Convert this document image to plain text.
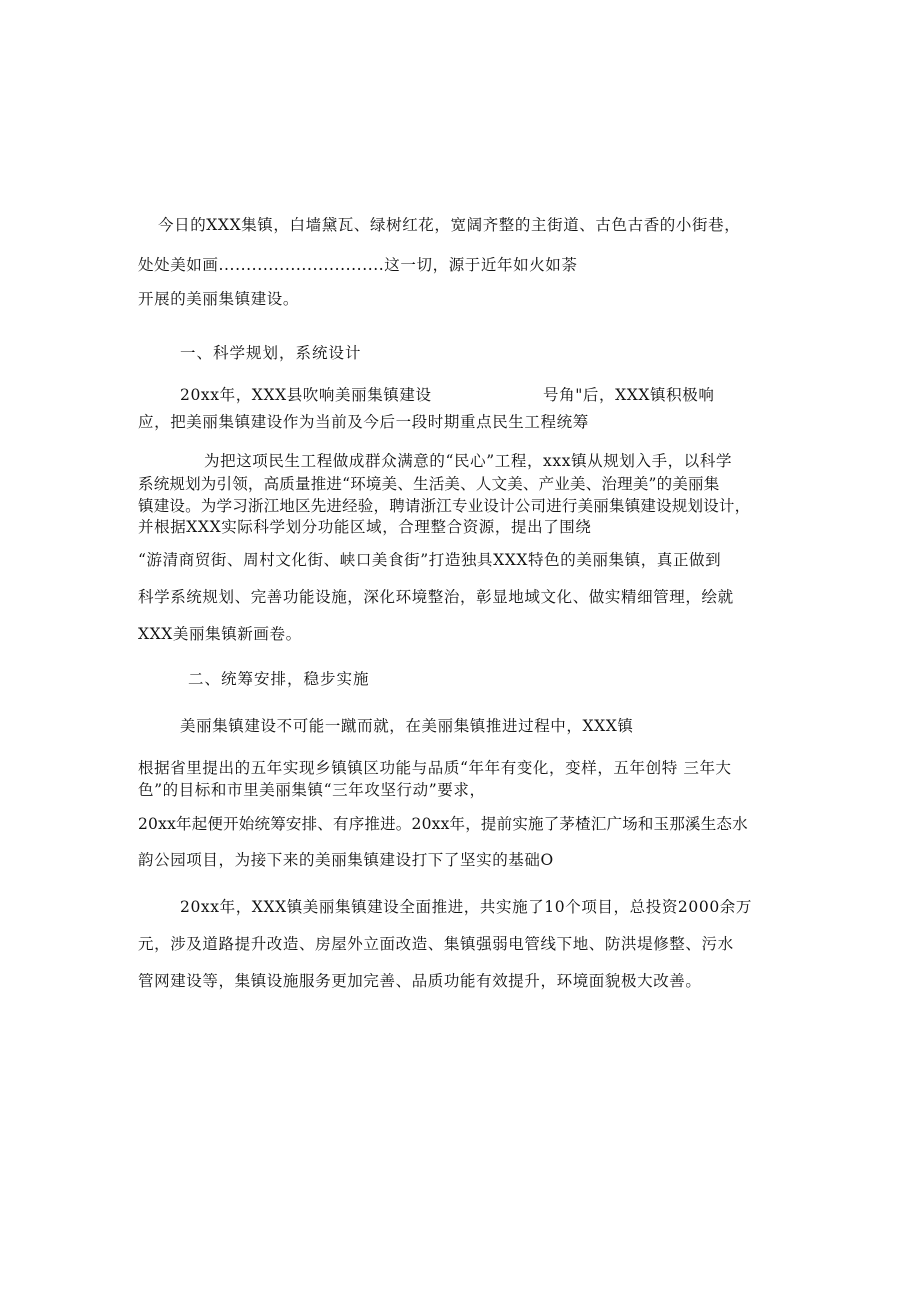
今日的XXX集镇，白墙黛瓦、绿树红花，宽阔齐整的主街道、古色古香的小街巷，
处处美如画..............................这一切，源于近年如火如荼
开展的美丽集镇建设。
一、科学规划，系统设计
20xx年，XXX县吹响美丽集镇建设	号角"后，XXX镇积极响
应，把美丽集镇建设作为当前及今后一段时期重点民生工程统筹
为把这项民生工程做成群众满意的“民心”工程，xxx镇从规划入手，以科学
系统规划为引领，高质量推进“环境美、生活美、人文美、产业美、治理美”的美丽集
镇建设。为学习浙江地区先进经验，聘请浙江专业设计公司进行美丽集镇建设规划设计，
并根据XXX实际科学划分功能区域，合理整合资源，提出了围绕
“游清商贸街、周村文化街、峡口美食街”打造独具XXX特色的美丽集镇，真正做到
科学系统规划、完善功能设施，深化环境整治，彰显地域文化、做实精细管理，绘就
XXX美丽集镇新画卷。
二、统筹安排，稳步实施
美丽集镇建设不可能一蹴而就，在美丽集镇推进过程中，XXX镇
根据省里提出的五年实现乡镇镇区功能与品质“年年有变化，变样，五年创特 三年大
色”的目标和市里美丽集镇“三年攻坚行动”要求，
20xx年起便开始统筹安排、有序推进。20xx年，提前实施了茅楂汇广场和玉那溪生态水
韵公园项目，为接下来的美丽集镇建设打下了坚实的基础O
20xx年，XXX镇美丽集镇建设全面推进，共实施了10个项目，总投资2000余万
元，涉及道路提升改造、房屋外立面改造、集镇强弱电管线下地、防洪堤修整、污水
管网建设等，集镇设施服务更加完善、品质功能有效提升，环境面貌极大改善。
